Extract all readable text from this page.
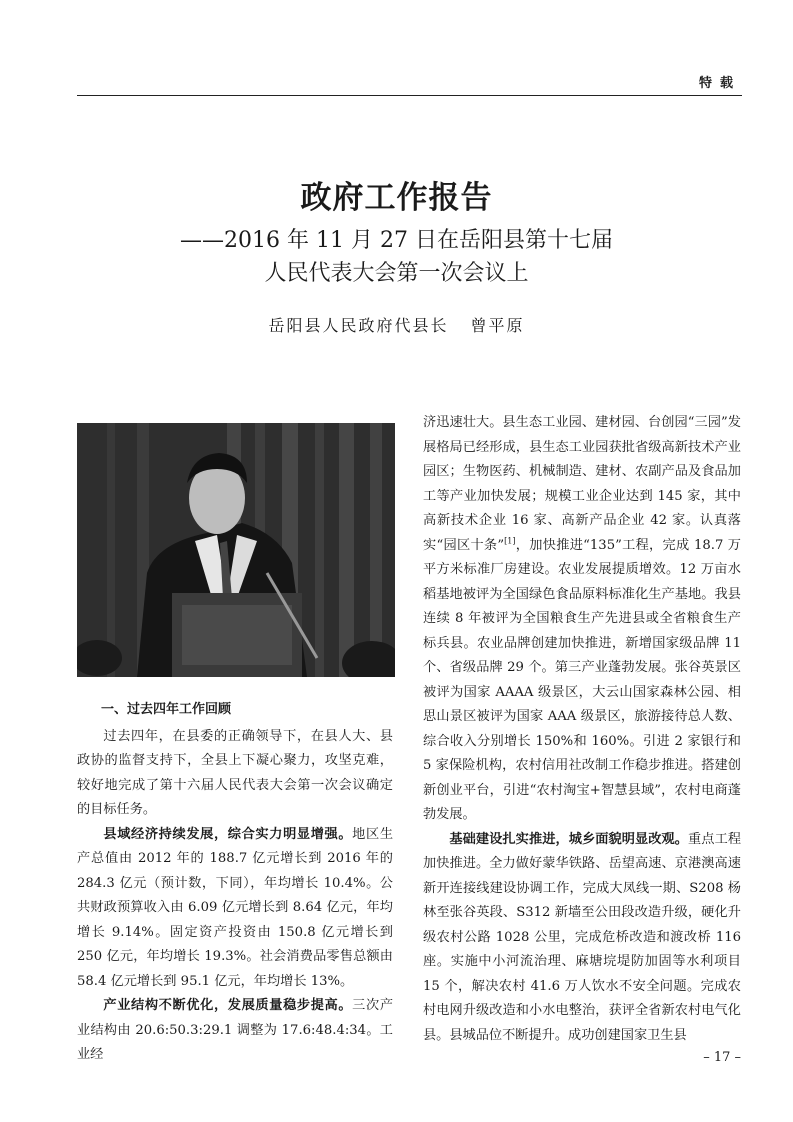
特载
政府工作报告
——2016 年 11 月 27 日在岳阳县第十七届
人民代表大会第一次会议上
岳阳县人民政府代县长 曾平原

一、过去四年工作回顾

过去四年，在县委的正确领导下，在县人大、县政协的监督支持下，全县上下凝心聚力，攻坚克难，较好地完成了第十六届人民代表大会第一次会议确定的目标任务。

县域经济持续发展，综合实力明显增强。地区生产总值由 2012 年的 188.7 亿元增长到 2016 年的 284.3 亿元（预计数，下同），年均增长 10.4%。公共财政预算收入由 6.09 亿元增长到 8.64 亿元，年均增长 9.14%。固定资产投资由 150.8 亿元增长到 250 亿元，年均增长 19.3%。社会消费品零售总额由 58.4 亿元增长到 95.1 亿元，年均增长 13%。

产业结构不断优化，发展质量稳步提高。三次产业结构由 20.6:50.3:29.1 调整为 17.6:48.4:34。工业经

济迅速壮大。县生态工业园、建材园、台创园“三园”发展格局已经形成，县生态工业园获批省级高新技术产业园区；生物医药、机械制造、建材、农副产品及食品加工等产业加快发展；规模工业企业达到 145 家，其中高新技术企业 16 家、高新产品企业 42 家。认真落实“园区十条”[1]，加快推进“135”工程，完成 18.7 万平方米标准厂房建设。农业发展提质增效。12 万亩水稻基地被评为全国绿色食品原料标准化生产基地。我县连续 8 年被评为全国粮食生产先进县或全省粮食生产标兵县。农业品牌创建加快推进，新增国家级品牌 11 个、省级品牌 29 个。第三产业蓬勃发展。张谷英景区被评为国家 AAAA 级景区，大云山国家森林公园、相思山景区被评为国家 AAA 级景区，旅游接待总人数、综合收入分别增长 150%和 160%。引进 2 家银行和 5 家保险机构，农村信用社改制工作稳步推进。搭建创新创业平台，引进“农村淘宝+智慧县域”，农村电商蓬勃发展。

基础建设扎实推进，城乡面貌明显改观。重点工程加快推进。全力做好蒙华铁路、岳望高速、京港澳高速新开连接线建设协调工作，完成大凤线一期、S208 杨林至张谷英段、S312 新墙至公田段改造升级，硬化升级农村公路 1028 公里，完成危桥改造和渡改桥 116 座。实施中小河流治理、麻塘垸堤防加固等水利项目 15 个，解决农村 41.6 万人饮水不安全问题。完成农村电网升级改造和小水电整治，获评全省新农村电气化县。县城品位不断提升。成功创建国家卫生县

– 17 –
